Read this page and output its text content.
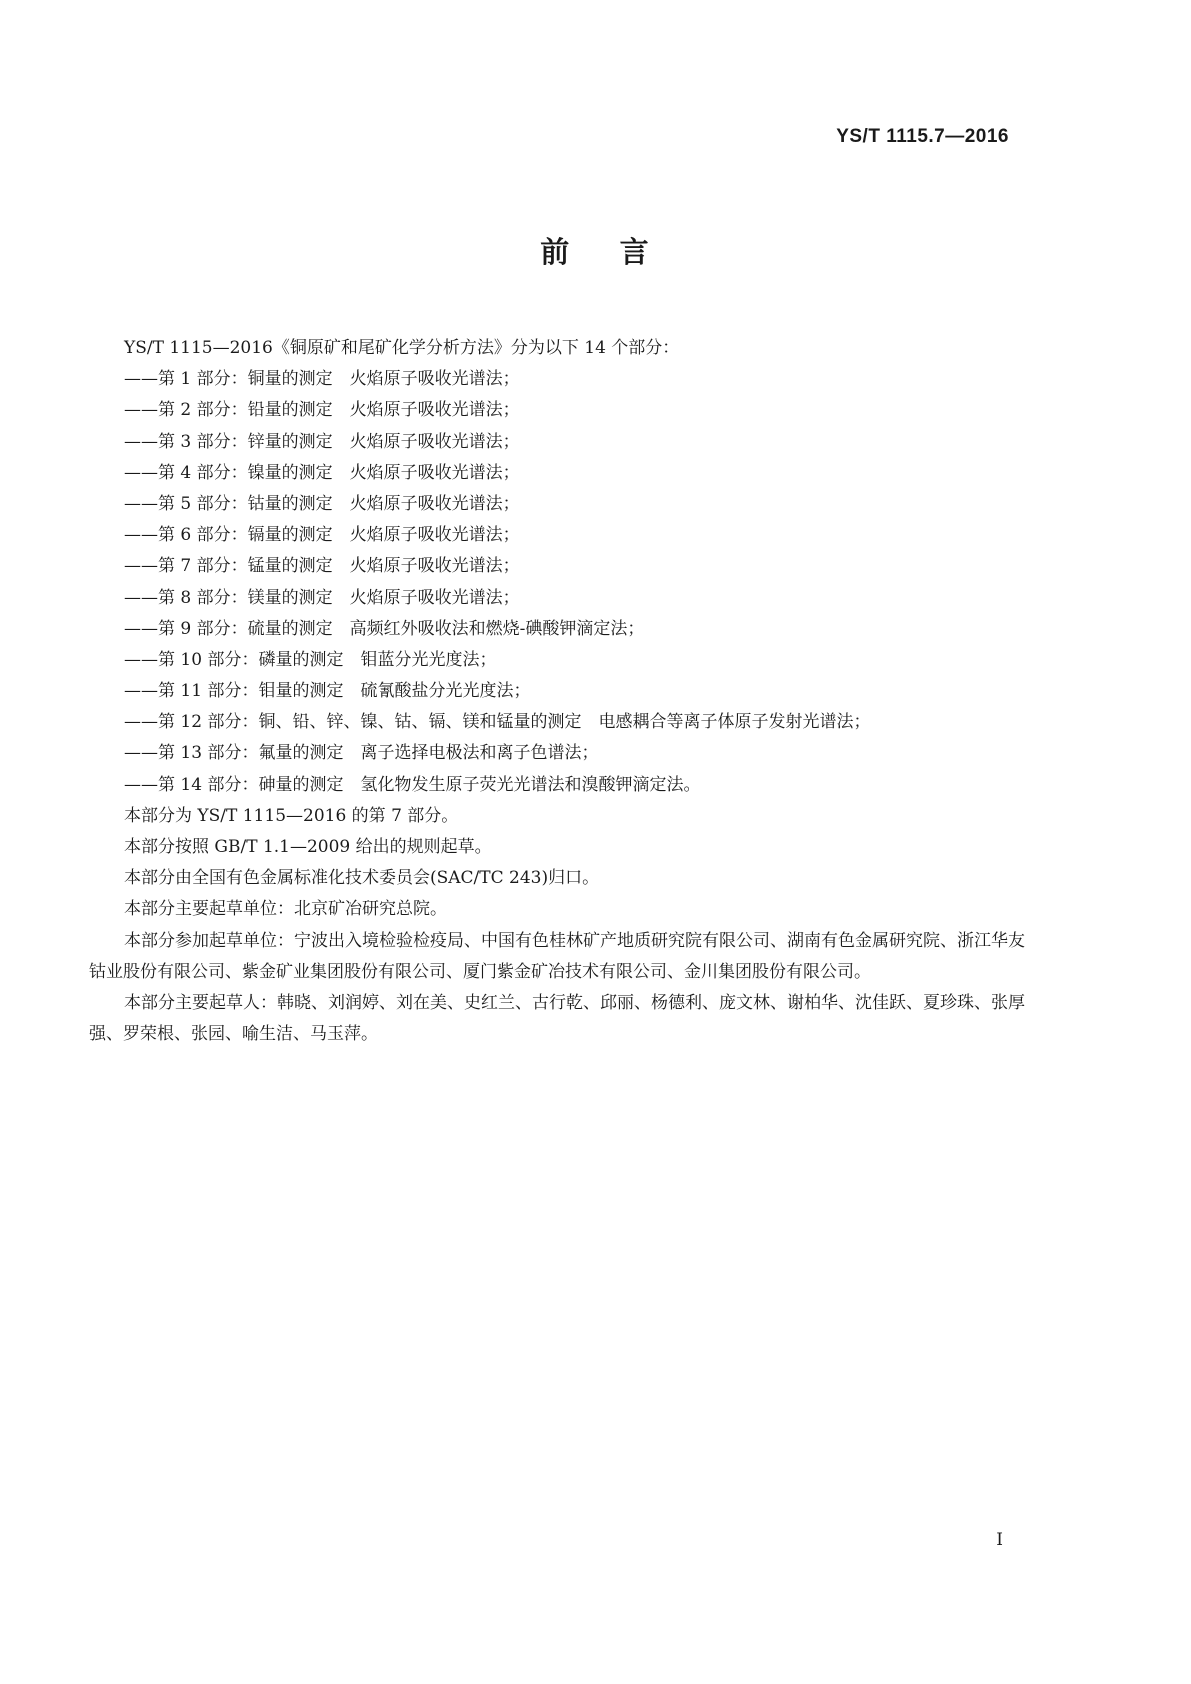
YS/T 1115.7—2016
前    言
YS/T 1115—2016《铜原矿和尾矿化学分析方法》分为以下 14 个部分：
——第 1 部分：铜量的测定　火焰原子吸收光谱法；
——第 2 部分：铅量的测定　火焰原子吸收光谱法；
——第 3 部分：锌量的测定　火焰原子吸收光谱法；
——第 4 部分：镍量的测定　火焰原子吸收光谱法；
——第 5 部分：钴量的测定　火焰原子吸收光谱法；
——第 6 部分：镉量的测定　火焰原子吸收光谱法；
——第 7 部分：锰量的测定　火焰原子吸收光谱法；
——第 8 部分：镁量的测定　火焰原子吸收光谱法；
——第 9 部分：硫量的测定　高频红外吸收法和燃烧-碘酸钾滴定法；
——第 10 部分：磷量的测定　钼蓝分光光度法；
——第 11 部分：钼量的测定　硫氰酸盐分光光度法；
——第 12 部分：铜、铅、锌、镍、钴、镉、镁和锰量的测定　电感耦合等离子体原子发射光谱法；
——第 13 部分：氟量的测定　离子选择电极法和离子色谱法；
——第 14 部分：砷量的测定　氢化物发生原子荧光光谱法和溴酸钾滴定法。
本部分为 YS/T 1115—2016 的第 7 部分。
本部分按照 GB/T 1.1—2009 给出的规则起草。
本部分由全国有色金属标准化技术委员会(SAC/TC 243)归口。
本部分主要起草单位：北京矿冶研究总院。
本部分参加起草单位：宁波出入境检验检疫局、中国有色桂林矿产地质研究院有限公司、湖南有色金属研究院、浙江华友钴业股份有限公司、紫金矿业集团股份有限公司、厦门紫金矿冶技术有限公司、金川集团股份有限公司。
本部分主要起草人：韩晓、刘润婷、刘在美、史红兰、古行乾、邱丽、杨德利、庞文林、谢柏华、沈佳跃、夏珍珠、张厚强、罗荣根、张园、喻生洁、马玉萍。
I
